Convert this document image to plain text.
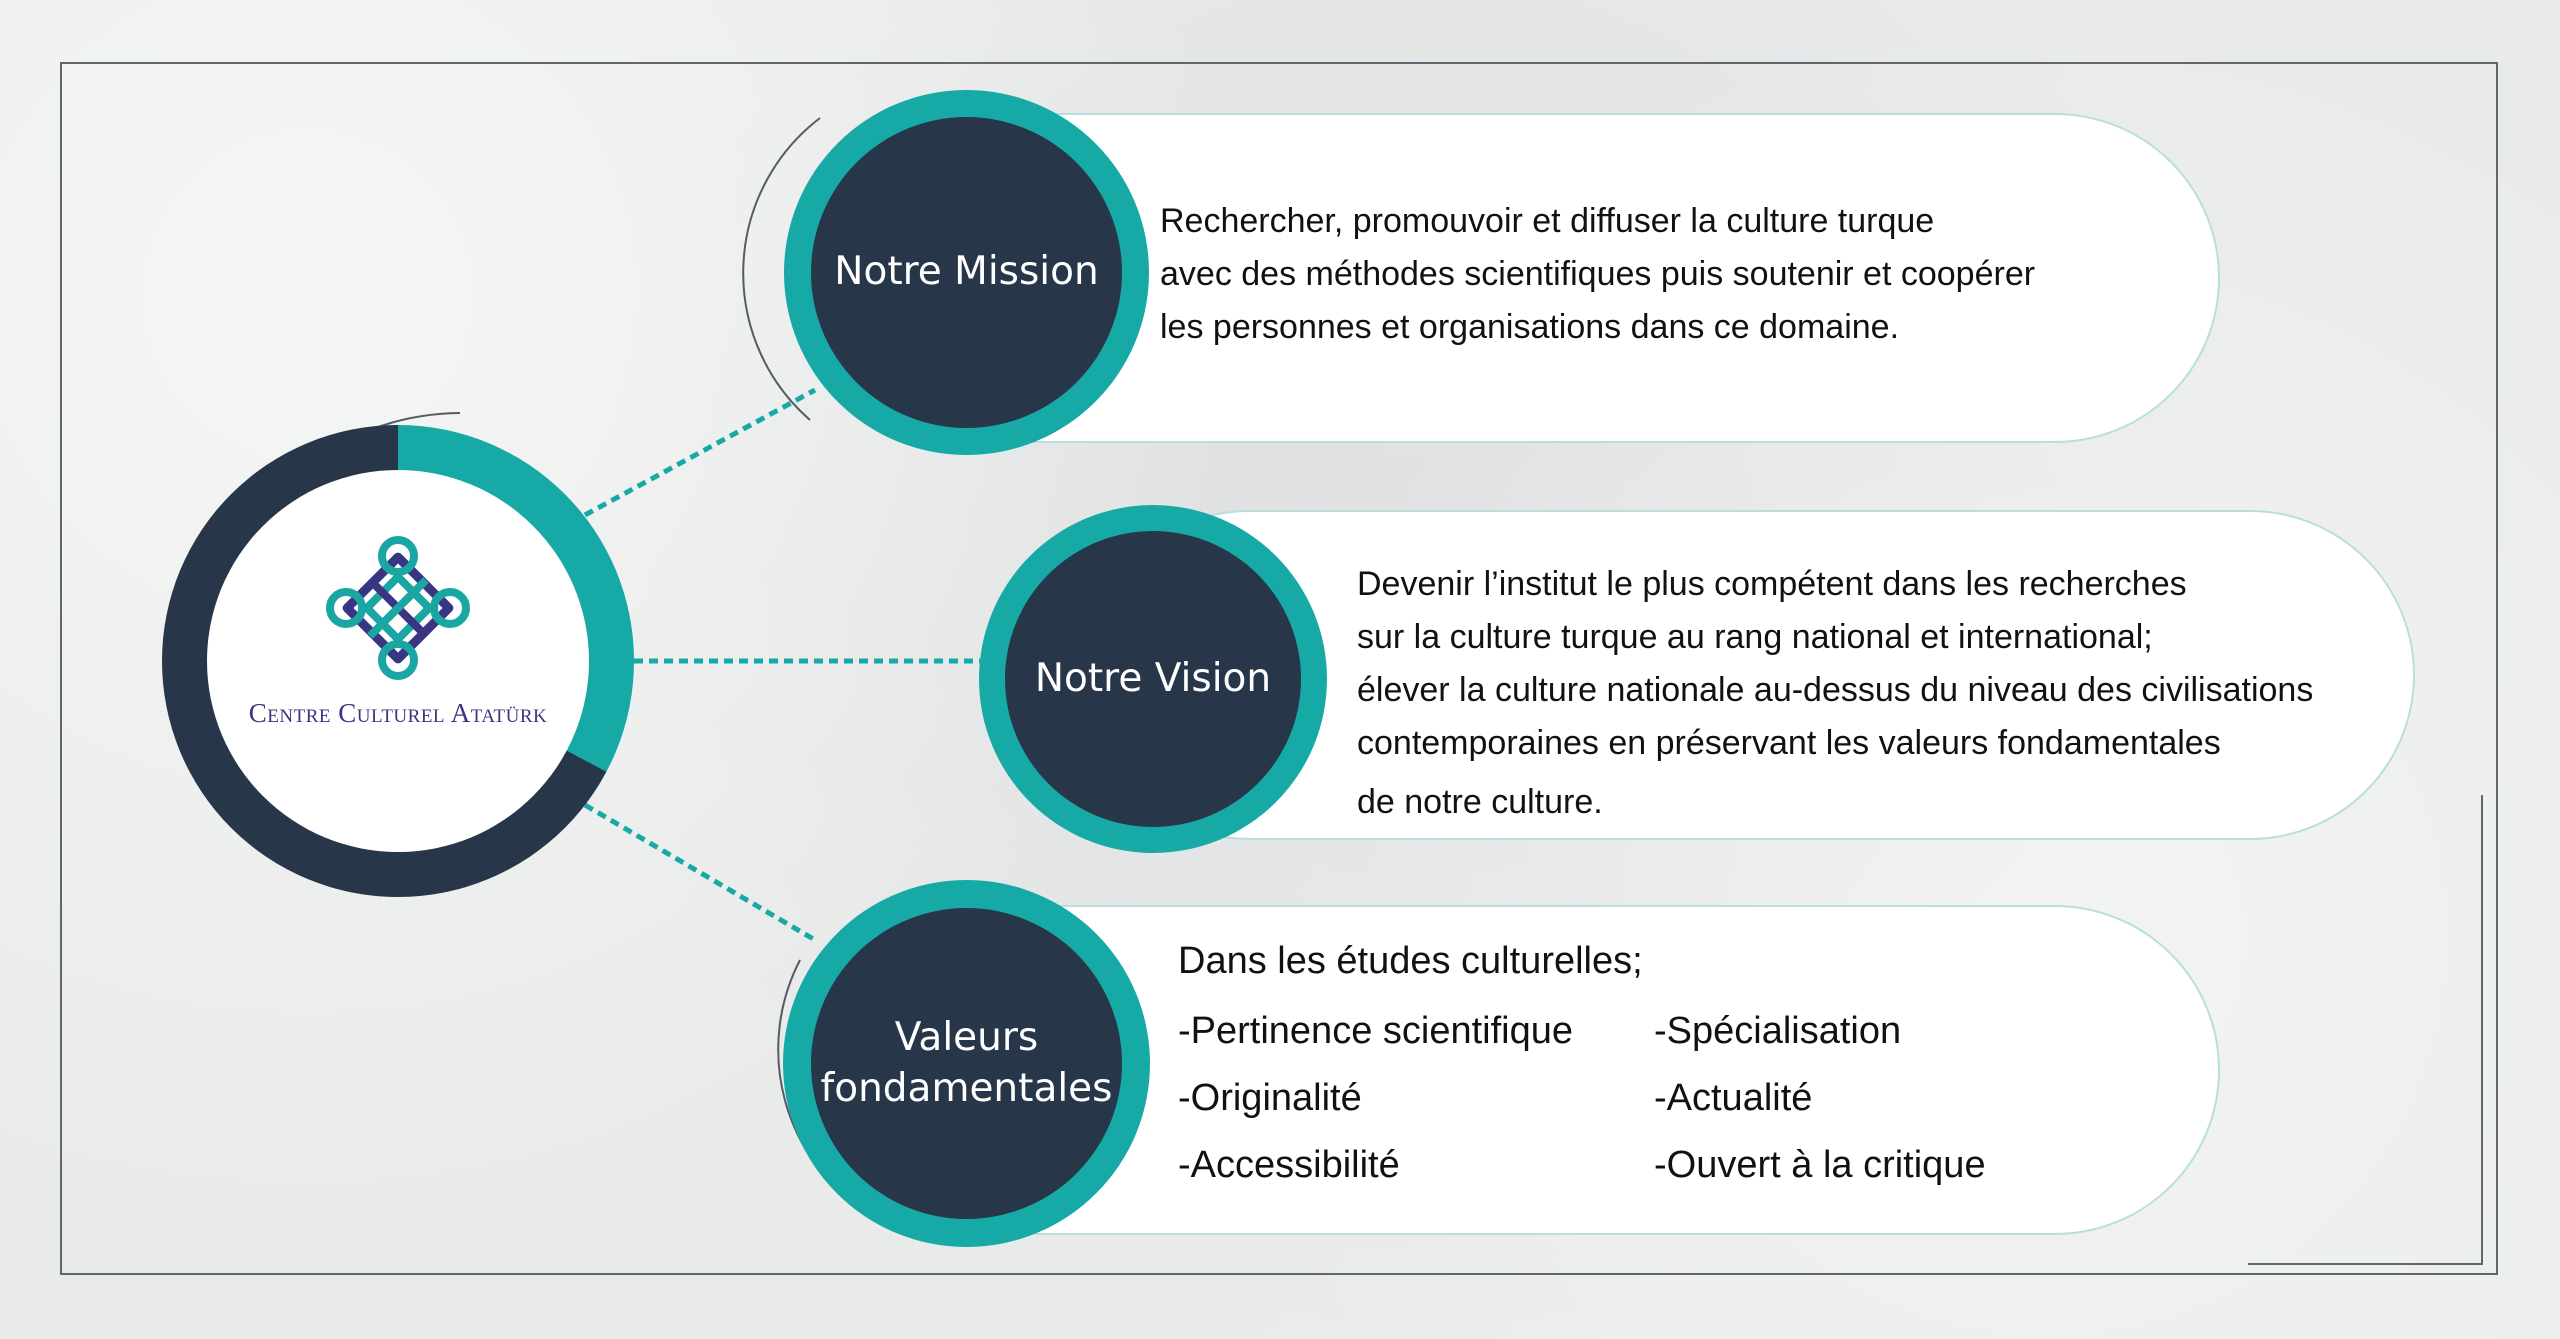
Notre Mission
Rechercher, promouvoir et diffuser la culture turque
avec des méthodes scientifiques puis soutenir et coopérer
les personnes et organisations dans ce domaine.
Notre Vision
Devenir l’institut le plus compétent dans les recherches
sur la culture turque au rang national et international;
élever la culture nationale au-dessus du niveau des civilisations
contemporaines en préservant les valeurs fondamentales
de notre culture.
Valeurs
fondamentales
Dans les études culturelles;
-Pertinence scientifique
-Originalité
-Accessibilité
-Spécialisation
-Actualité
-Ouvert à la critique
Centre Culturel Atatürk
